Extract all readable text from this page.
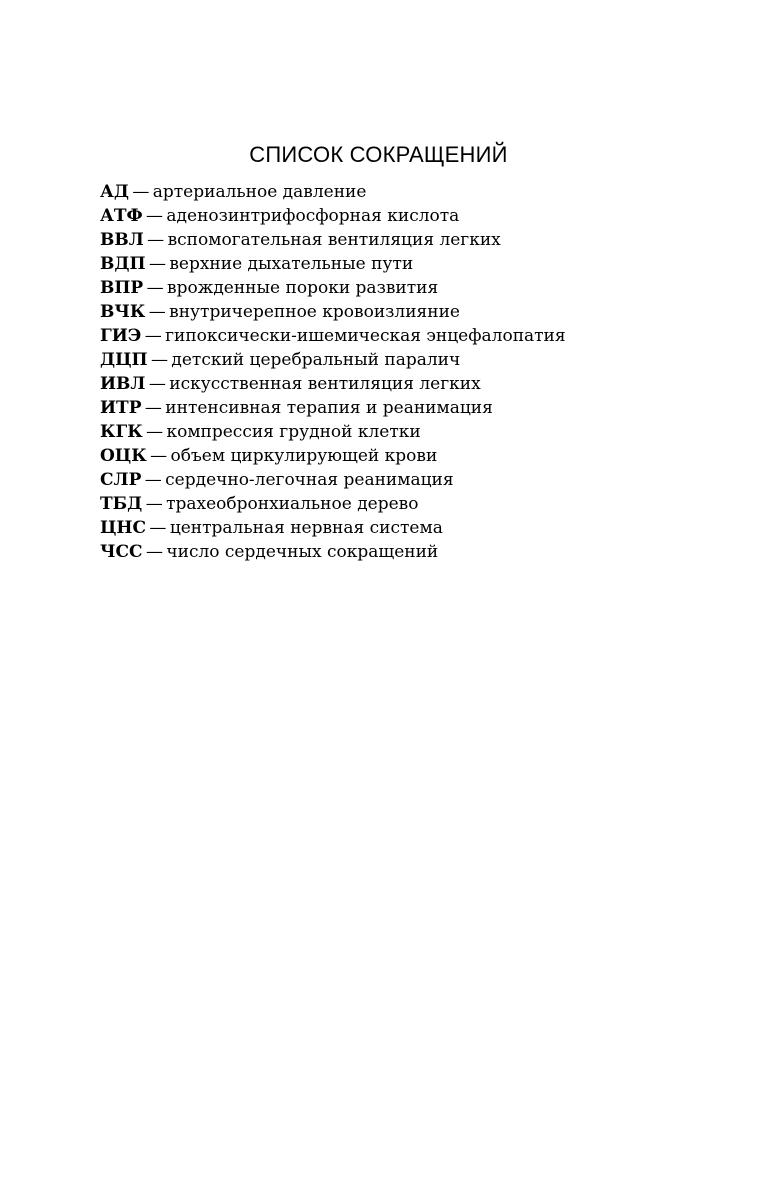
СПИСОК СОКРАЩЕНИЙ
АД — артериальное давление
АТФ — аденозинтрифосфорная кислота
ВВЛ — вспомогательная вентиляция легких
ВДП — верхние дыхательные пути
ВПР — врожденные пороки развития
ВЧК — внутричерепное кровоизлияние
ГИЭ — гипоксически-ишемическая энцефалопатия
ДЦП — детский церебральный паралич
ИВЛ — искусственная вентиляция легких
ИТР — интенсивная терапия и реанимация
КГК — компрессия грудной клетки
ОЦК — объем циркулирующей крови
СЛР — сердечно-легочная реанимация
ТБД — трахеобронхиальное дерево
ЦНС — центральная нервная система
ЧСС — число сердечных сокращений
